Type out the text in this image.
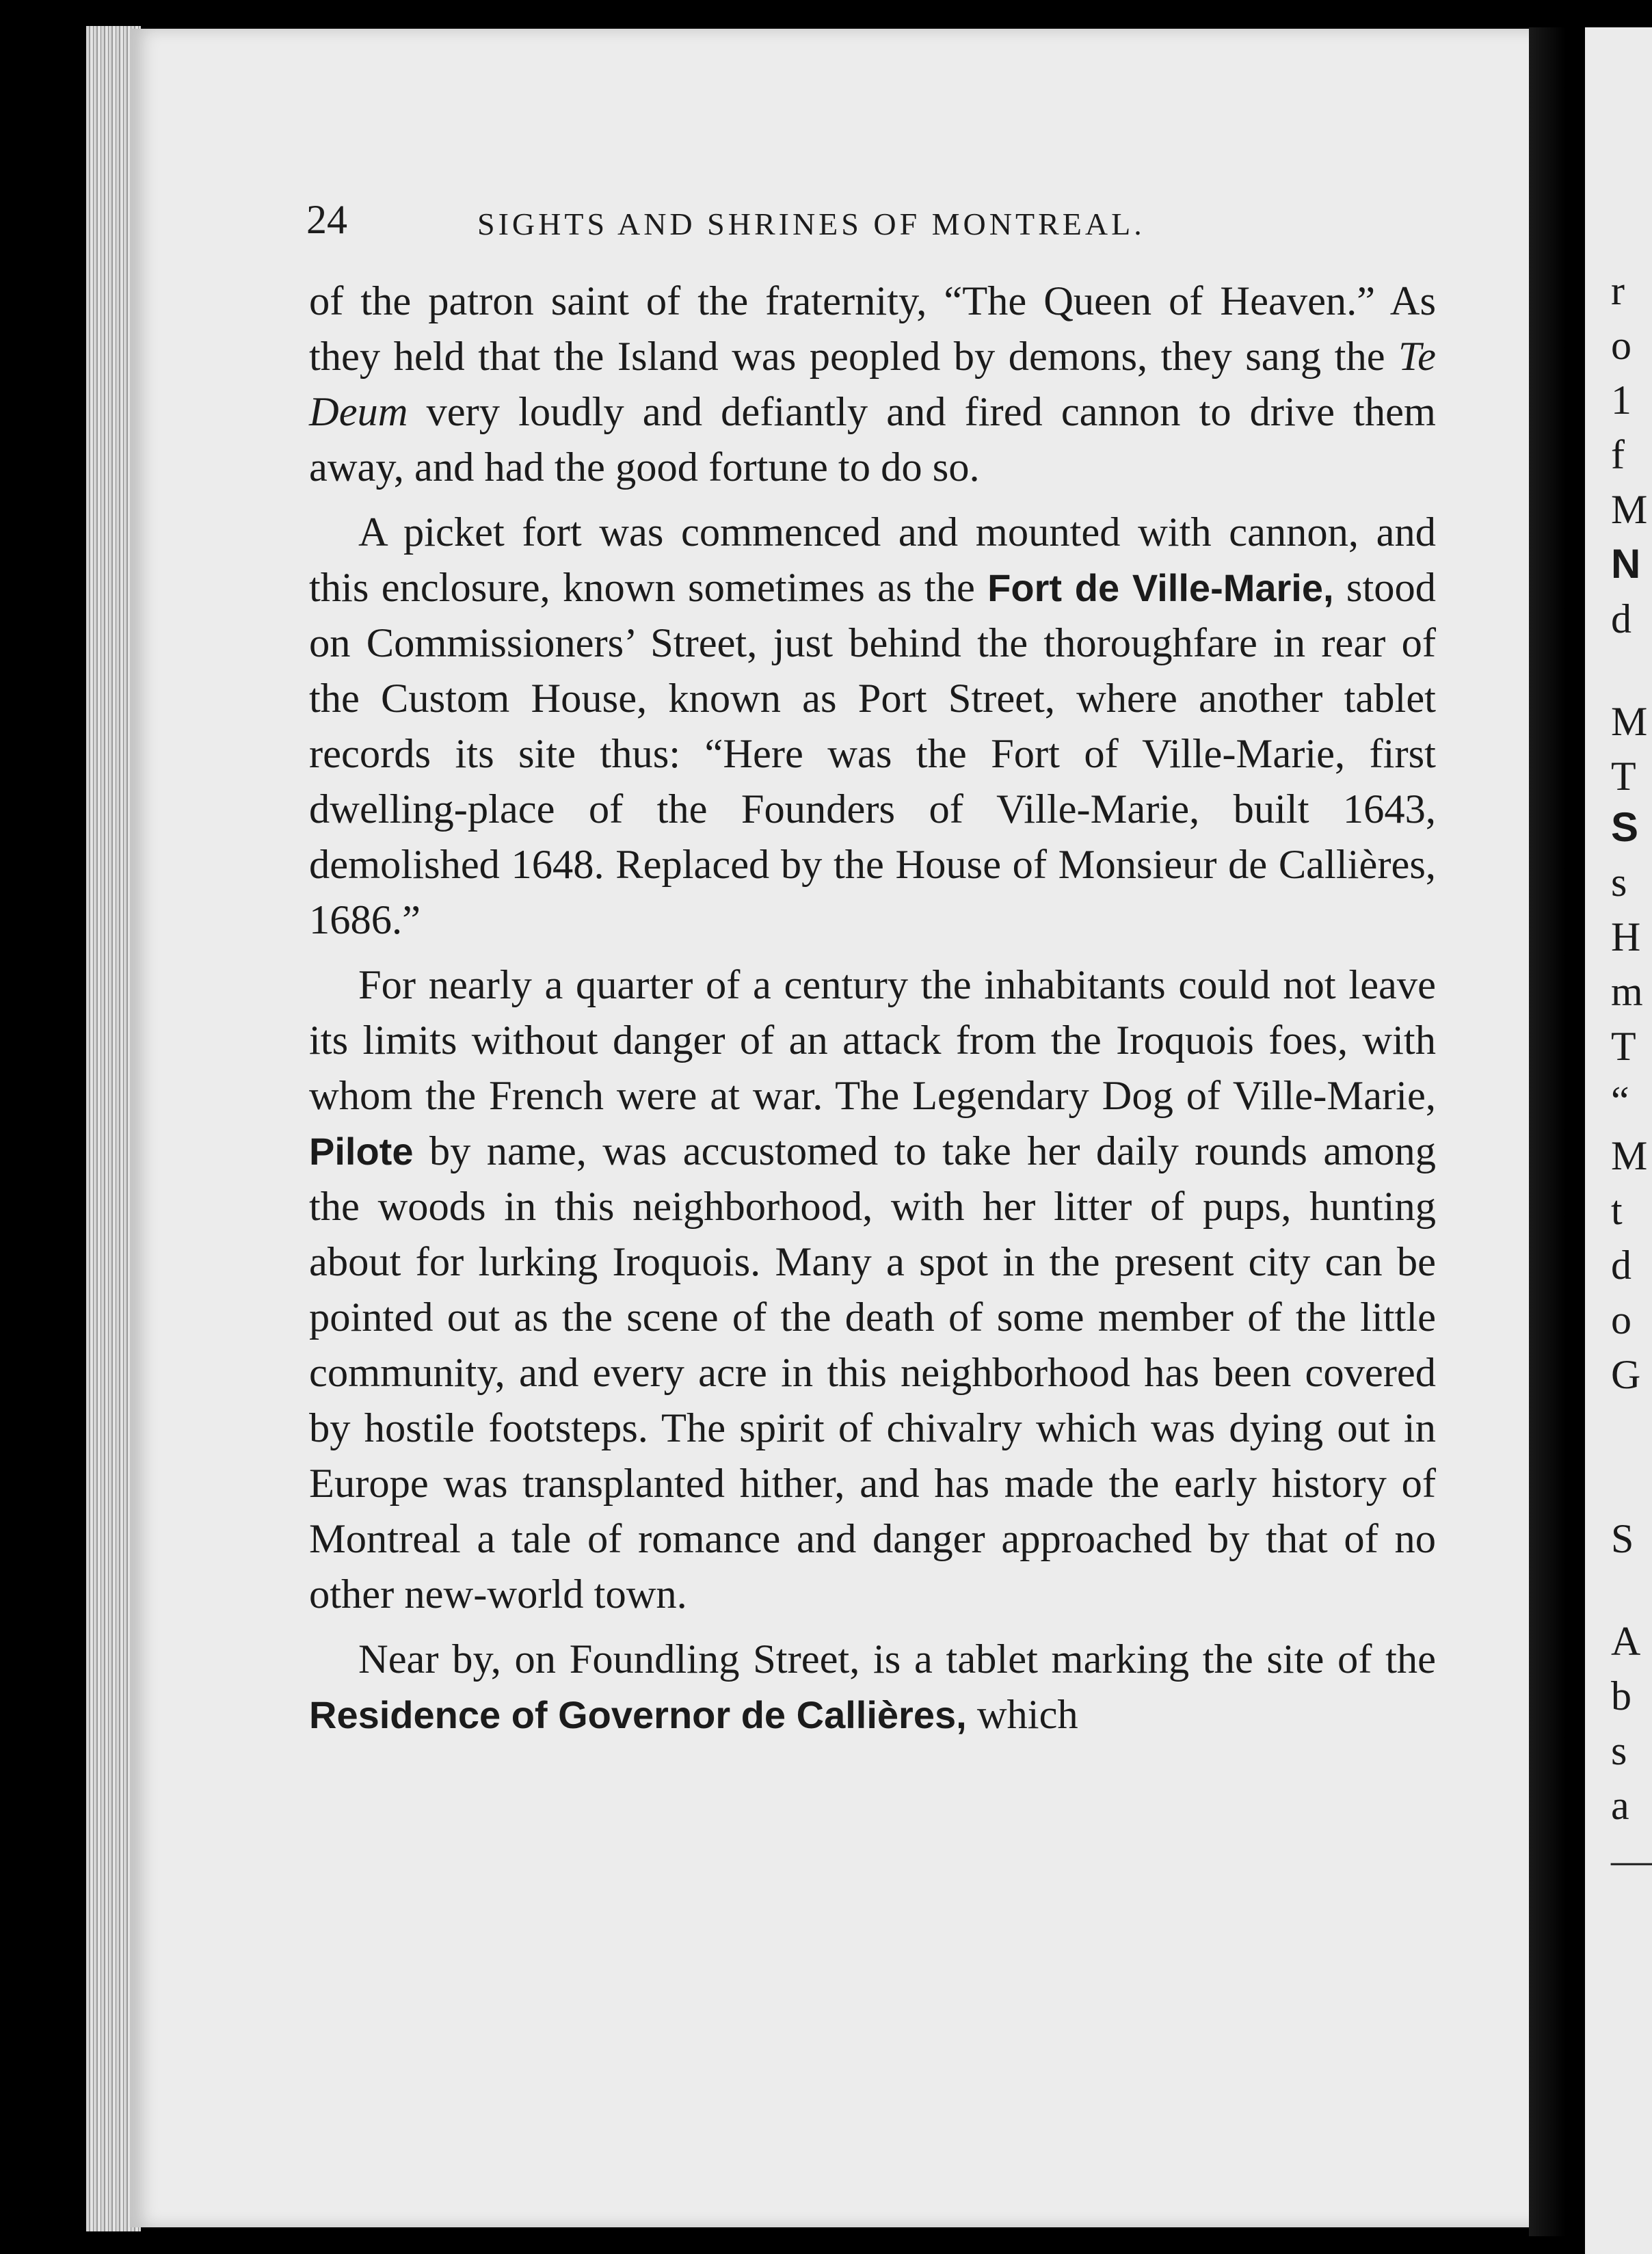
r
o
1
f
M
N
d
M
T
S
s
H
m
T
“
M
t
d
o
G
S
A
b
s
a
—
24	SIGHTS AND SHRINES OF MONTREAL.

of the patron saint of the fraternity, “The Queen of Heaven.” As they held that the Island was peopled by demons, they sang the Te Deum very loudly and defiantly and fired cannon to drive them away, and had the good fortune to do so.

A picket fort was commenced and mounted with cannon, and this enclosure, known sometimes as the Fort de Ville-Marie, stood on Commissioners’ Street, just behind the thoroughfare in rear of the Custom House, known as Port Street, where another tablet records its site thus: “Here was the Fort of Ville-Marie, first dwelling-place of the Founders of Ville-Marie, built 1643, demolished 1648. Replaced by the House of Monsieur de Callières, 1686.”

For nearly a quarter of a century the inhabitants could not leave its limits without danger of an attack from the Iroquois foes, with whom the French were at war. The Legendary Dog of Ville-Marie, Pilote by name, was accustomed to take her daily rounds among the woods in this neighborhood, with her litter of pups, hunting about for lurking Iroquois. Many a spot in the present city can be pointed out as the scene of the death of some member of the little community, and every acre in this neighborhood has been covered by hostile footsteps. The spirit of chivalry which was dying out in Europe was transplanted hither, and has made the early history of Montreal a tale of romance and danger approached by that of no other new-world town.

Near by, on Foundling Street, is a tablet marking the site of the Residence of Governor de Callières, which
